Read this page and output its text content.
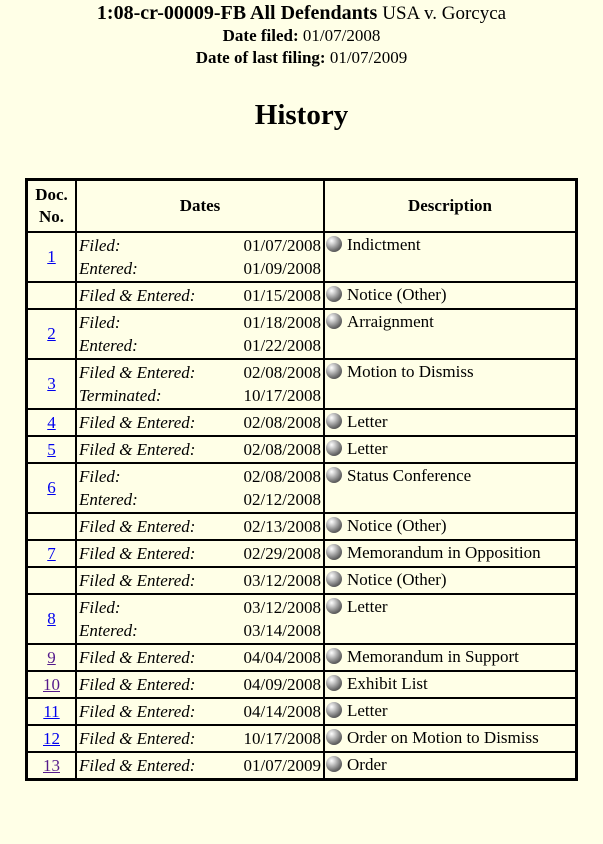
1:08-cr-00009-FB All Defendants USA v. Gorcyca
Date filed: 01/07/2008
Date of last filing: 01/07/2009
History
Doc.
No.	Dates	Description
1	Filed: 01/07/2008
Entered: 01/09/2008	Indictment

	Filed & Entered: 01/15/2008	Notice (Other)
2	Filed: 01/18/2008
Entered: 01/22/2008	Arraignment
3	Filed & Entered: 02/08/2008
Terminated: 10/17/2008	Motion to Dismiss
4	Filed & Entered: 02/08/2008	Letter
5	Filed & Entered: 02/08/2008	Letter
6	Filed: 02/08/2008
Entered: 02/12/2008	Status Conference

	Filed & Entered: 02/13/2008	Notice (Other)
7	Filed & Entered: 02/29/2008	Memorandum in Opposition

	Filed & Entered: 03/12/2008	Notice (Other)
8	Filed: 03/12/2008
Entered: 03/14/2008	Letter
9	Filed & Entered: 04/04/2008	Memorandum in Support
10	Filed & Entered: 04/09/2008	Exhibit List
11	Filed & Entered: 04/14/2008	Letter
12	Filed & Entered: 10/17/2008	Order on Motion to Dismiss
13	Filed & Entered: 01/07/2009	Order
